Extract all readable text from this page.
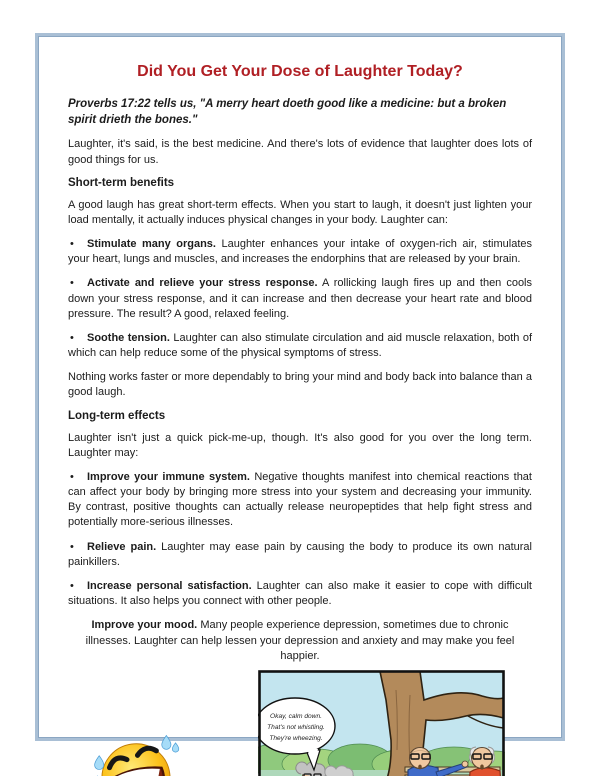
Did You Get Your Dose of Laughter Today?

Proverbs 17:22 tells us, "A merry heart doeth good like a medicine: but a broken spirit drieth the bones."

Laughter, it's said, is the best medicine. And there's lots of evidence that laughter does lots of good things for us.

Short-term benefits

A good laugh has great short-term effects. When you start to laugh, it doesn't just lighten your load mentally, it actually induces physical changes in your body. Laughter can:

• Stimulate many organs. Laughter enhances your intake of oxygen-rich air, stimulates your heart, lungs and muscles, and increases the endorphins that are released by your brain.

• Activate and relieve your stress response. A rollicking laugh fires up and then cools down your stress response, and it can increase and then decrease your heart rate and blood pressure. The result? A good, relaxed feeling.

• Soothe tension. Laughter can also stimulate circulation and aid muscle relaxation, both of which can help reduce some of the physical symptoms of stress.

Nothing works faster or more dependably to bring your mind and body back into balance than a good laugh.

Long-term effects

Laughter isn't just a quick pick-me-up, though. It's also good for you over the long term. Laughter may:

• Improve your immune system. Negative thoughts manifest into chemical reactions that can affect your body by bringing more stress into your system and decreasing your immunity. By contrast, positive thoughts can actually release neuropeptides that help fight stress and potentially more-serious illnesses.

• Relieve pain. Laughter may ease pain by causing the body to produce its own natural painkillers.

• Increase personal satisfaction. Laughter can also make it easier to cope with difficult situations. It also helps you connect with other people.

Improve your mood. Many people experience depression, sometimes due to chronic illnesses. Laughter can help lessen your depression and anxiety and may make you feel happier.

Okay, calm down.
That's not whistling.
They're wheezing.
